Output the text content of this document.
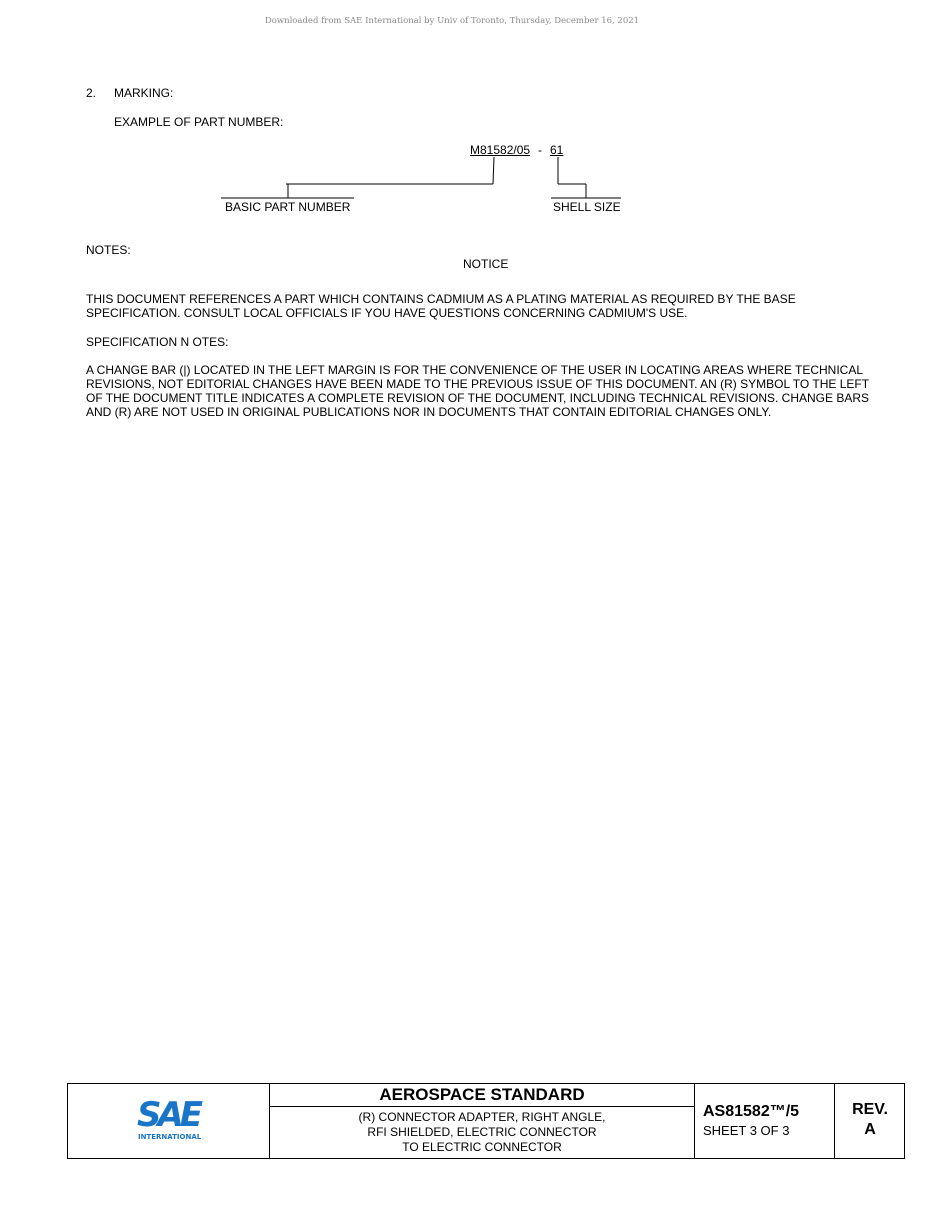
Downloaded from SAE International by Univ of Toronto, Thursday, December 16, 2021
2. MARKING:
EXAMPLE OF PART NUMBER:
M81582/05 - 61
BASIC PART NUMBER	SHELL SIZE
NOTES:
NOTICE
THIS DOCUMENT REFERENCES A PART WHICH CONTAINS CADMIUM AS A PLATING MATERIAL AS REQUIRED BY THE BASE
SPECIFICATION. CONSULT LOCAL OFFICIALS IF YOU HAVE QUESTIONS CONCERNING CADMIUM'S USE.
SPECIFICATION N OTES:
A CHANGE BAR (|) LOCATED IN THE LEFT MARGIN IS FOR THE CONVENIENCE OF THE USER IN LOCATING AREAS WHERE TECHNICAL
REVISIONS, NOT EDITORIAL CHANGES HAVE BEEN MADE TO THE PREVIOUS ISSUE OF THIS DOCUMENT. AN (R) SYMBOL TO THE LEFT
OF THE DOCUMENT TITLE INDICATES A COMPLETE REVISION OF THE DOCUMENT, INCLUDING TECHNICAL REVISIONS. CHANGE BARS
AND (R) ARE NOT USED IN ORIGINAL PUBLICATIONS NOR IN DOCUMENTS THAT CONTAIN EDITORIAL CHANGES ONLY.
SAE
INTERNATIONAL
AEROSPACE STANDARD
(R) CONNECTOR ADAPTER, RIGHT ANGLE,
RFI SHIELDED, ELECTRIC CONNECTOR
TO ELECTRIC CONNECTOR
AS81582™/5
SHEET 3 OF 3
REV.
A
